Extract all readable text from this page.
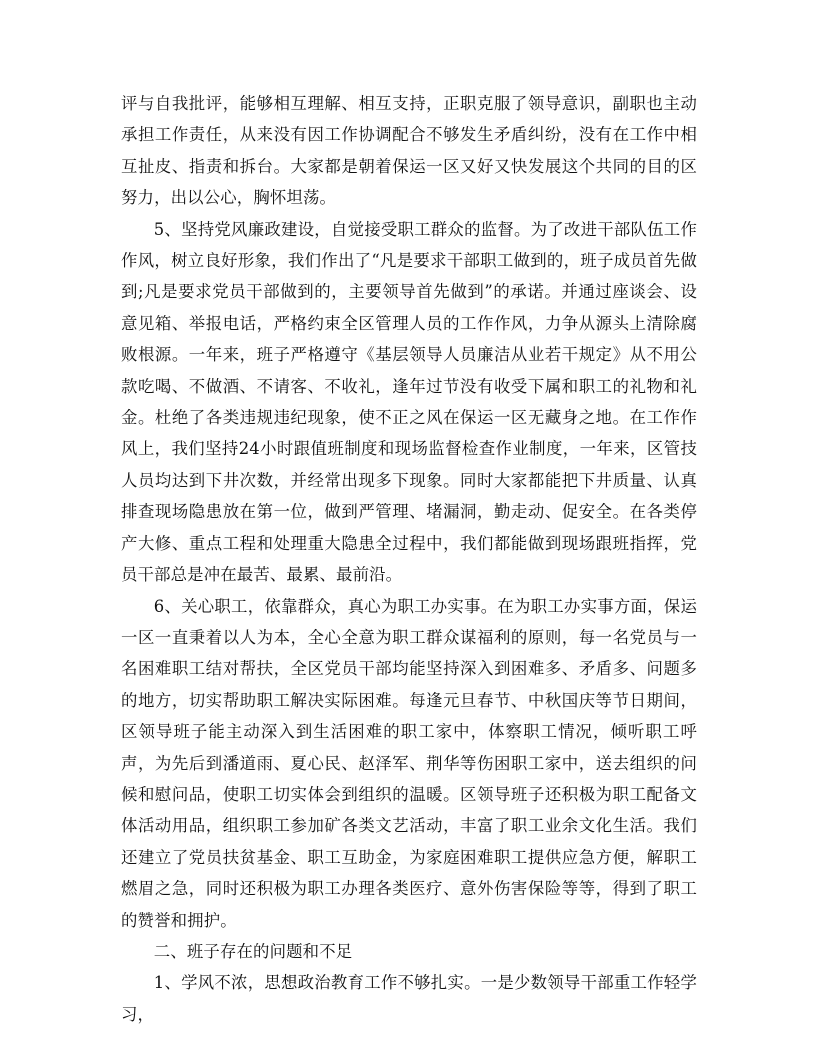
评与自我批评，能够相互理解、相互支持，正职克服了领导意识，副职也主动承担工作责任，从来没有因工作协调配合不够发生矛盾纠纷，没有在工作中相互扯皮、指责和拆台。大家都是朝着保运一区又好又快发展这个共同的目的区努力，出以公心，胸怀坦荡。

5、坚持党风廉政建设，自觉接受职工群众的监督。为了改进干部队伍工作作风，树立良好形象，我们作出了“凡是要求干部职工做到的，班子成员首先做到;凡是要求党员干部做到的，主要领导首先做到”的承诺。并通过座谈会、设意见箱、举报电话，严格约束全区管理人员的工作作风，力争从源头上清除腐败根源。一年来，班子严格遵守《基层领导人员廉洁从业若干规定》从不用公款吃喝、不做酒、不请客、不收礼，逢年过节没有收受下属和职工的礼物和礼金。杜绝了各类违规违纪现象，使不正之风在保运一区无藏身之地。在工作作风上，我们坚持24小时跟值班制度和现场监督检查作业制度，一年来，区管技人员均达到下井次数，并经常出现多下现象。同时大家都能把下井质量、认真排查现场隐患放在第一位，做到严管理、堵漏洞，勤走动、促安全。在各类停产大修、重点工程和处理重大隐患全过程中，我们都能做到现场跟班指挥，党员干部总是冲在最苦、最累、最前沿。

6、关心职工，依靠群众，真心为职工办实事。在为职工办实事方面，保运一区一直秉着以人为本，全心全意为职工群众谋福利的原则，每一名党员与一名困难职工结对帮扶，全区党员干部均能坚持深入到困难多、矛盾多、问题多的地方，切实帮助职工解决实际困难。每逢元旦春节、中秋国庆等节日期间，区领导班子能主动深入到生活困难的职工家中，体察职工情况，倾听职工呼声，为先后到潘道雨、夏心民、赵泽军、荆华等伤困职工家中，送去组织的问候和慰问品，使职工切实体会到组织的温暖。区领导班子还积极为职工配备文体活动用品，组织职工参加矿各类文艺活动，丰富了职工业余文化生活。我们还建立了党员扶贫基金、职工互助金，为家庭困难职工提供应急方便，解职工燃眉之急，同时还积极为职工办理各类医疗、意外伤害保险等等，得到了职工的赞誉和拥护。

二、班子存在的问题和不足

1、学风不浓，思想政治教育工作不够扎实。一是少数领导干部重工作轻学习，
